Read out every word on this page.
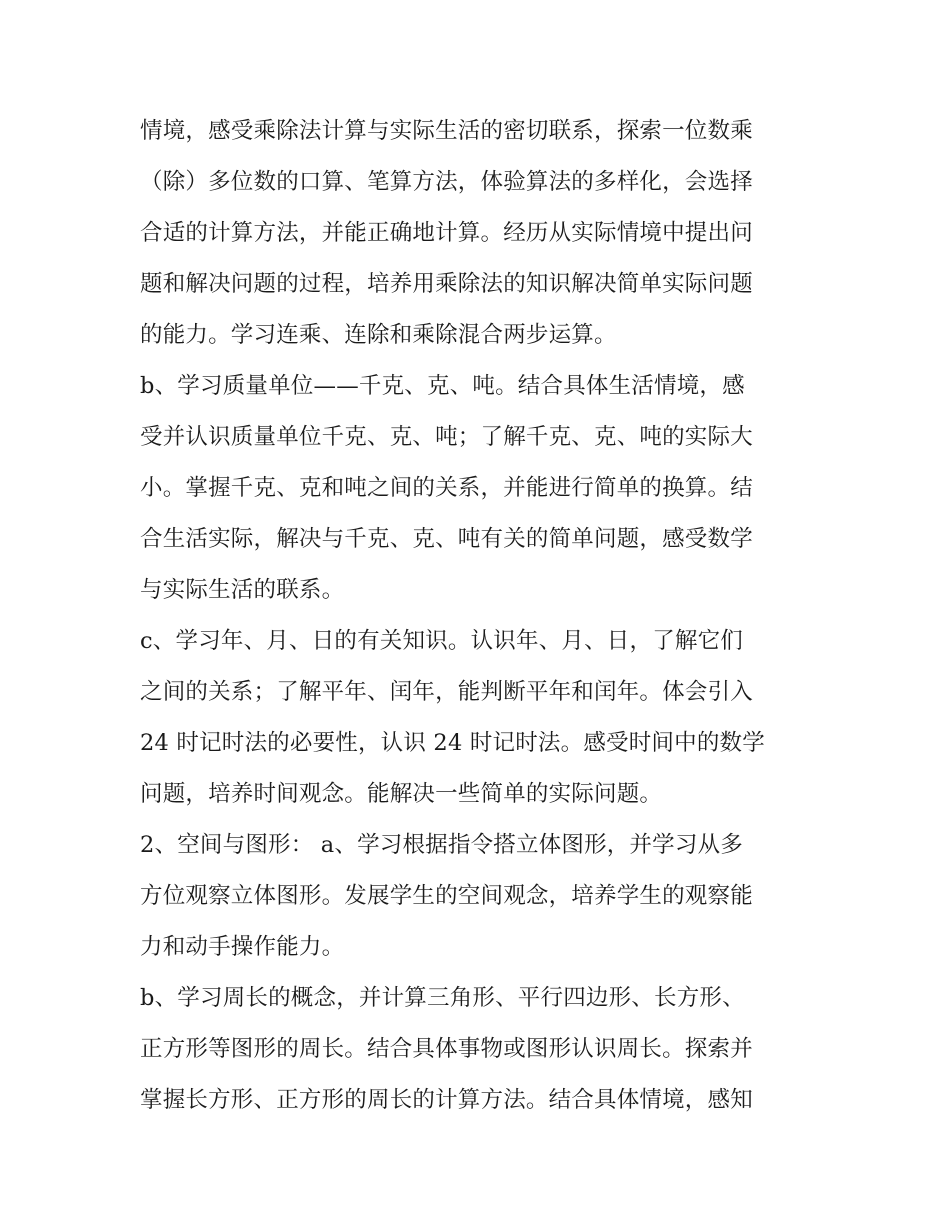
情境，感受乘除法计算与实际生活的密切联系，探索一位数乘
（除）多位数的口算、笔算方法，体验算法的多样化，会选择
合适的计算方法，并能正确地计算。经历从实际情境中提出问
题和解决问题的过程，培养用乘除法的知识解决简单实际问题
的能力。学习连乘、连除和乘除混合两步运算。
b、学习质量单位——千克、克、吨。结合具体生活情境，感
受并认识质量单位千克、克、吨；了解千克、克、吨的实际大
小。掌握千克、克和吨之间的关系，并能进行简单的换算。结
合生活实际，解决与千克、克、吨有关的简单问题，感受数学
与实际生活的联系。
c、学习年、月、日的有关知识。认识年、月、日，了解它们
之间的关系；了解平年、闰年，能判断平年和闰年。体会引入
24 时记时法的必要性，认识 24 时记时法。感受时间中的数学
问题，培养时间观念。能解决一些简单的实际问题。
2、空间与图形： a、学习根据指令搭立体图形，并学习从多
方位观察立体图形。发展学生的空间观念，培养学生的观察能
力和动手操作能力。
b、学习周长的概念，并计算三角形、平行四边形、长方形、
正方形等图形的周长。结合具体事物或图形认识周长。探索并
掌握长方形、正方形的周长的计算方法。结合具体情境，感知
